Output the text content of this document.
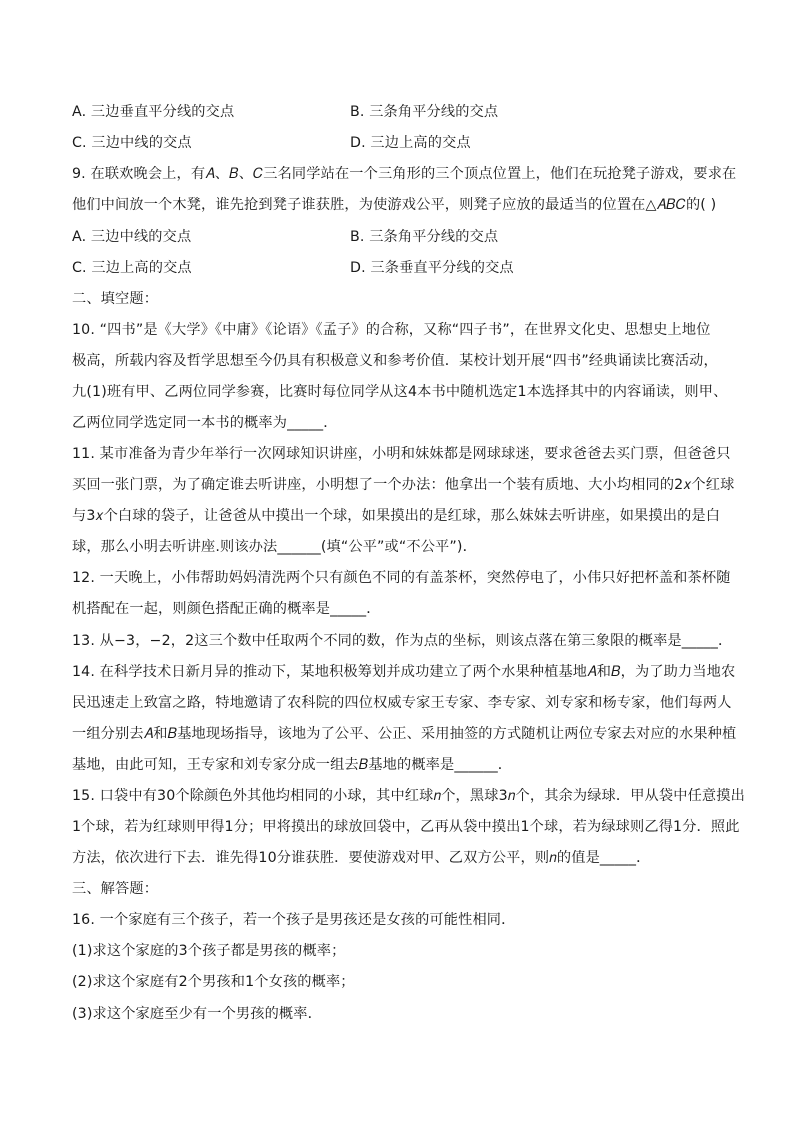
A. 三边垂直平分线的交点	B. 三条角平分线的交点
C. 三边中线的交点	D. 三边上高的交点
9. 在联欢晚会上，有𝐴、𝐵、𝐶三名同学站在一个三角形的三个顶点位置上，他们在玩抢凳子游戏，要求在
他们中间放一个木凳，谁先抢到凳子谁获胜，为使游戏公平，则凳子应放的最适当的位置在△𝐴𝐵𝐶的( )
A. 三边中线的交点	B. 三条角平分线的交点
C. 三边上高的交点	D. 三条垂直平分线的交点
二、填空题：
10. “四书”是《大学》《中庸》《论语》《孟子》的合称，又称“四子书”，在世界文化史、思想史上地位
极高，所载内容及哲学思想至今仍具有积极意义和参考价值．某校计划开展“四书”经典诵读比赛活动，
九(1)班有甲、乙两位同学参赛，比赛时每位同学从这4本书中随机选定1本选择其中的内容诵读，则甲、
乙两位同学选定同一本书的概率为_____．
11. 某市准备为青少年举行一次网球知识讲座，小明和妹妹都是网球球迷，要求爸爸去买门票，但爸爸只
买回一张门票，为了确定谁去听讲座，小明想了一个办法：他拿出一个装有质地、大小均相同的2𝑥个红球
与3𝑥个白球的袋子，让爸爸从中摸出一个球，如果摸出的是红球，那么妹妹去听讲座，如果摸出的是白
球，那么小明去听讲座.则该办法______(填“公平”或“不公平”)．
12. 一天晚上，小伟帮助妈妈清洗两个只有颜色不同的有盖茶杯，突然停电了，小伟只好把杯盖和茶杯随
机搭配在一起，则颜色搭配正确的概率是_____．
13. 从−3，−2，2这三个数中任取两个不同的数，作为点的坐标，则该点落在第三象限的概率是_____．
14. 在科学技术日新月异的推动下，某地积极筹划并成功建立了两个水果种植基地𝐴和𝐵，为了助力当地农
民迅速走上致富之路，特地邀请了农科院的四位权威专家王专家、李专家、刘专家和杨专家，他们每两人
一组分别去𝐴和𝐵基地现场指导，该地为了公平、公正、采用抽签的方式随机让两位专家去对应的水果种植
基地，由此可知，王专家和刘专家分成一组去𝐵基地的概率是______．
15. 口袋中有30个除颜色外其他均相同的小球，其中红球𝑛个，黑球3𝑛个，其余为绿球．甲从袋中任意摸出
1个球，若为红球则甲得1分；甲将摸出的球放回袋中，乙再从袋中摸出1个球，若为绿球则乙得1分．照此
方法，依次进行下去．谁先得10分谁获胜．要使游戏对甲、乙双方公平，则𝑛的值是_____．
三、解答题：
16. 一个家庭有三个孩子，若一个孩子是男孩还是女孩的可能性相同．
(1)求这个家庭的3个孩子都是男孩的概率；
(2)求这个家庭有2个男孩和1个女孩的概率；
(3)求这个家庭至少有一个男孩的概率．
